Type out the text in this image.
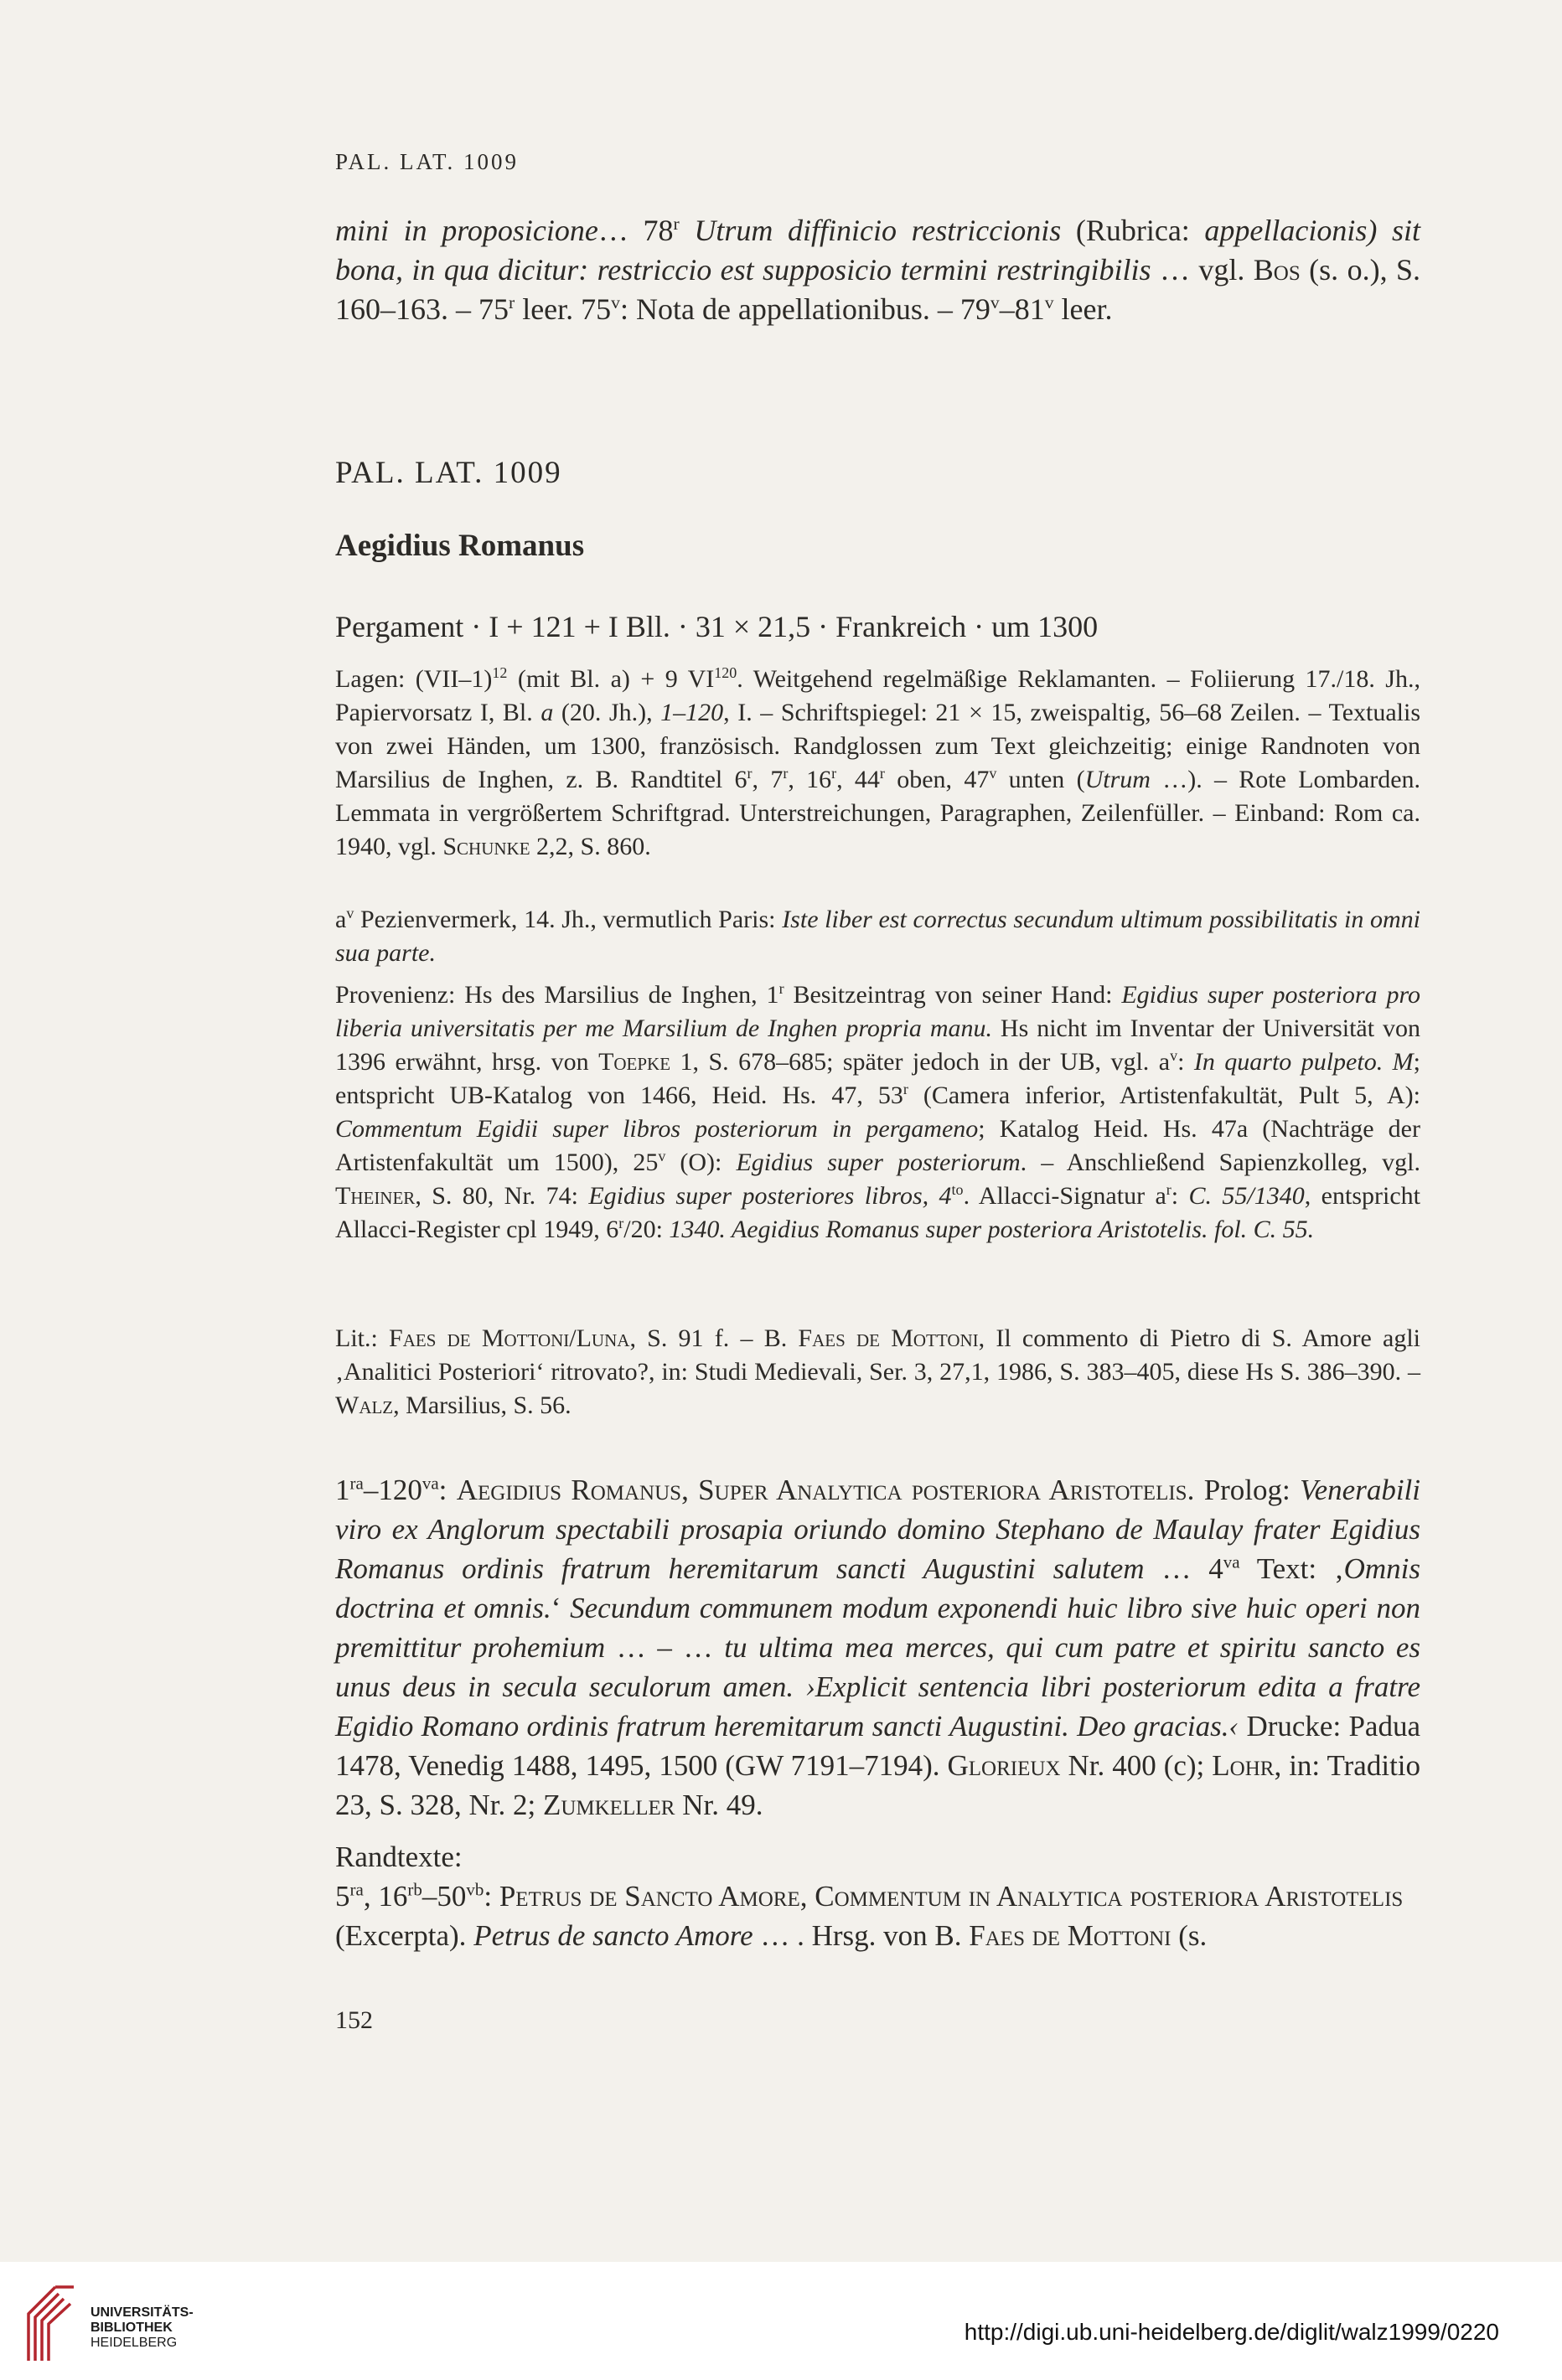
PAL. LAT. 1009
mini in proposicione… 78$^r$ Utrum diffinicio restriccionis (Rubrica: appellacionis) sit bona, in qua dicitur: restriccio est supposicio termini restringibilis … vgl. Bos (s. o.), S. 160–163. – 75$^r$ leer. 75$^v$: Nota de appellationibus. – 79$^v$–81$^v$ leer.
PAL. LAT. 1009
Aegidius Romanus
Pergament · I + 121 + I Bll. · 31 × 21,5 · Frankreich · um 1300
Lagen: $(VII-1)^{12}$ (mit Bl. a) + 9 VI$^{120}$. Weitgehend regelmäßige Reklamanten. – Foliierung 17./18. Jh., Papiervorsatz I, Bl. a (20. Jh.), 1–120, I. – Schriftspiegel: 21 × 15, zweispaltig, 56–68 Zeilen. – Textualis von zwei Händen, um 1300, französisch. Randglossen zum Text gleichzeitig; einige Randnoten von Marsilius de Inghen, z. B. Randtitel 6$^r$, 7$^r$, 16$^r$, 44$^r$ oben, 47$^v$ unten (Utrum …). – Rote Lombarden. Lemmata in vergrößertem Schriftgrad. Unterstreichungen, Paragraphen, Zeilenfüller. – Einband: Rom ca. 1940, vgl. Schunke 2,2, S. 860.
$a^v$ Pezienvermerk, 14. Jh., vermutlich Paris: Iste liber est correctus secundum ultimum possibilitatis in omni sua parte.
Provenienz: Hs des Marsilius de Inghen, 1$^r$ Besitzeintrag von seiner Hand: Egidius super posteriora pro liberia universitatis per me Marsilium de Inghen propria manu. Hs nicht im Inventar der Universität von 1396 erwähnt, hrsg. von Toepke 1, S. 678–685; später jedoch in der UB, vgl. $a^v$: In quarto pulpeto. M; entspricht UB-Katalog von 1466, Heid. Hs. 47, 53$^r$ (Camera inferior, Artistenfakultät, Pult 5, A): Commentum Egidii super libros posteriorum in pergameno; Katalog Heid. Hs. 47a (Nachträge der Artistenfakultät um 1500), 25$^v$ (O): Egidius super posteriorum. – Anschließend Sapienzkolleg, vgl. Theiner, S. 80, Nr. 74: Egidius super posteriores libros, $4^{to}$. Allacci-Signatur $a^r$: C. 55/1340, entspricht Allacci-Register cpl 1949, 6$^r$/20: 1340. Aegidius Romanus super posteriora Aristotelis. fol. C. 55.
Lit.: Faes de Mottoni/Luna, S. 91 f. – B. Faes de Mottoni, Il commento di Pietro di S. Amore agli ‚Analitici Posteriori‘ ritrovato?, in: Studi Medievali, Ser. 3, 27,1, 1986, S. 383–405, diese Hs S. 386–390. – Walz, Marsilius, S. 56.
$1^{ra}-120^{va}$: Aegidius Romanus, Super Analytica posteriora Aristotelis. Prolog: Venerabili viro ex Anglorum spectabili prosapia oriundo domino Stephano de Maulay frater Egidius Romanus ordinis fratrum heremitarum sancti Augustini salutem … $4^{va}$ Text: ‚Omnis doctrina et omnis.‘ Secundum communem modum exponendi huic libro sive huic operi non premittitur prohemium … – … tu ultima mea merces, qui cum patre et spiritu sancto es unus deus in secula seculorum amen. ›Explicit sentencia libri posteriorum edita a fratre Egidio Romano ordinis fratrum heremitarum sancti Augustini. Deo gracias.‹ Drucke: Padua 1478, Venedig 1488, 1495, 1500 (GW 7191–7194). Glorieux Nr. 400 (c); Lohr, in: Traditio 23, S. 328, Nr. 2; Zumkeller Nr. 49.
Randtexte:
$5^{ra}$, $16^{rb}-50^{vb}$: Petrus de Sancto Amore, Commentum in Analytica posteriora Aristotelis (Excerpta). Petrus de sancto Amore … . Hrsg. von B. Faes de Mottoni (s.
152
UNIVERSITÄTS-
BIBLIOTHEK
HEIDELBERG	http://digi.ub.uni-heidelberg.de/diglit/walz1999/0220
